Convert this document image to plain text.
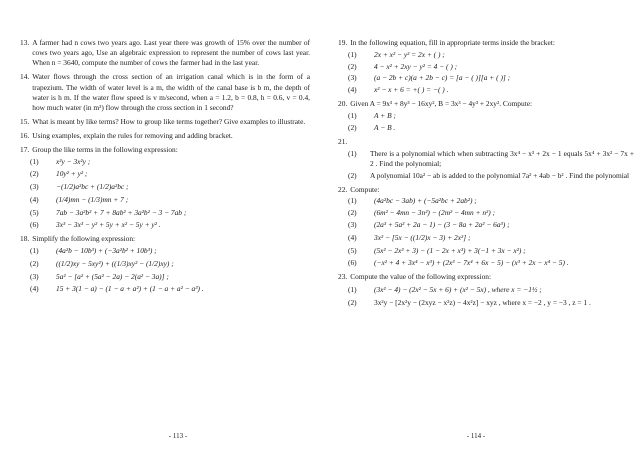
13. A farmer had n cows two years ago. Last year there was growth of 15% over the number of cows two years ago, Use an algebraic expression to represent the number of cows last year. When n = 3640, compute the number of cows the farmer had in the last year.
14. Water flows through the cross section of an irrigation canal which is in the form of a trapezium. The width of water level is a m, the width of the canal base is b m, the depth of water is h m. If the water flow speed is v m/second, when a = 1.2, b = 0.8, h = 0.6, v = 0.4, how much water (in m³) flow through the cross section in 1 second?
15. What is meant by like terms? How to group like terms together? Give examples to illustrate.
16. Using examples, explain the rules for removing and adding bracket.
17. Group the like terms in the following expression:
(1)	x²y − 3x²y ;
(2)	10y² + y² ;
(3)	−(1/2)a²bc + (1/2)a²bc ;
(4)	(1/4)mn − (1/3)mn + 7 ;
(5)	7ab − 3a²b² + 7 + 8ab² + 3a²b² − 3 − 7ab ;
(6)	3x³ − 3x³ − y² + 5y + x² − 5y + y² .
18. Simplify the following expression:
(1)	(4a²b − 10b³) + (−3a²b² + 10b³) ;
(2)	((1/2)xy − 5xy²) + ((1/3)xy² − (1/2)xy) ;
(3)	5a² − [a² + (5a² − 2a) − 2(a² − 3a)] ;
(4)	15 + 3(1 − a) − (1 − a + a²) + (1 − a + a² − a³) .
19. In the following equation, fill in appropriate terms inside the bracket:
(1)	2x + x² − y² = 2x + ( ) ;
(2)	4 − x² + 2xy − y² = 4 − ( ) ;
(3)	(a − 2b + c)(a + 2b − c) = [a − ( )][a + ( )] ;
(4)	x² − x + 6 = +( ) = −( ) .
20. Given A = 9x³ + 8y³ − 16xy², B = 3x³ − 4y³ + 2xy². Compute:
(1)	A + B ;
(2)	A − B .
21.
(1)	There is a polynomial which when subtracting 3x⁴ − x³ + 2x − 1 equals 5x⁴ + 3x² − 7x + 2 . Find the polynomial;
(2)	A polynomial 10a² − ab is added to the polynomial 7a² + 4ab − b² . Find the polynomial
22. Compute:
(1)	(4a²bc − 3ab) + (−5a²bc + 2ab²) ;
(2)	(6m² − 4mn − 3n²) − (2m² − 4mn + n²) ;
(3)	(2a³ + 5a² + 2a − 1) − (3 − 8a + 2a² − 6a³) ;
(4)	3x² − [5x − ((1/2)x − 3) + 2x²] ;
(5)	(5x² − 2x³ + 3) − (1 − 2x + x³) + 3(−1 + 3x − x²) ;
(6)	(−x² + 4 + 3x⁴ − x³) + (2x³ − 7x⁴ + 6x − 5) − (x³ + 2x − x⁴ − 5) .
23. Compute the value of the following expression:
(1)	(3x² − 4) − (2x² − 5x + 6) + (x² − 5x) , where x = −1½ ;
(2)	3x²y − [2x²y − (2xyz − x²z) − 4x²z] − xyz , where x = −2 , y = −3 , z = 1 .
- 113 -	- 114 -
